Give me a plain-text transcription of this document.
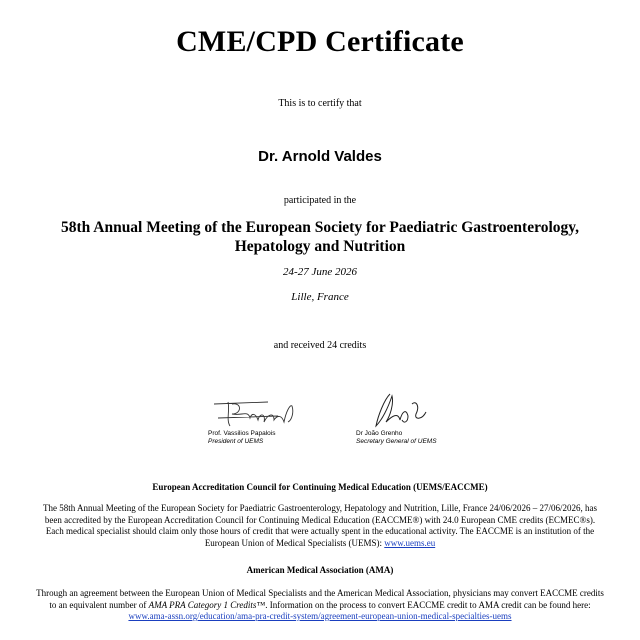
CME/CPD Certificate
This is to certify that
Dr. Arnold Valdes
participated in the
58th Annual Meeting of the European Society for Paediatric Gastroenterology,
Hepatology and Nutrition
24-27 June 2026
Lille, France
and received 24 credits
Prof. Vassilios Papalois
President of UEMS
Dr João Grenho
Secretary General of UEMS
European Accreditation Council for Continuing Medical Education (UEMS/EACCME)
The 58th Annual Meeting of the European Society for Paediatric Gastroenterology, Hepatology and Nutrition, Lille, France 24/06/2026 – 27/06/2026, has been accredited by the European Accreditation Council for Continuing Medical Education (EACCME®) with 24.0 European CME credits (ECMEC®s). Each medical specialist should claim only those hours of credit that were actually spent in the educational activity. The EACCME is an institution of the European Union of Medical Specialists (UEMS): www.uems.eu
American Medical Association (AMA)
Through an agreement between the European Union of Medical Specialists and the American Medical Association, physicians may convert EACCME credits to an equivalent number of AMA PRA Category 1 Credits™. Information on the process to convert EACCME credit to AMA credit can be found here: www.ama-assn.org/education/ama-pra-credit-system/agreement-european-union-medical-specialties-uems
